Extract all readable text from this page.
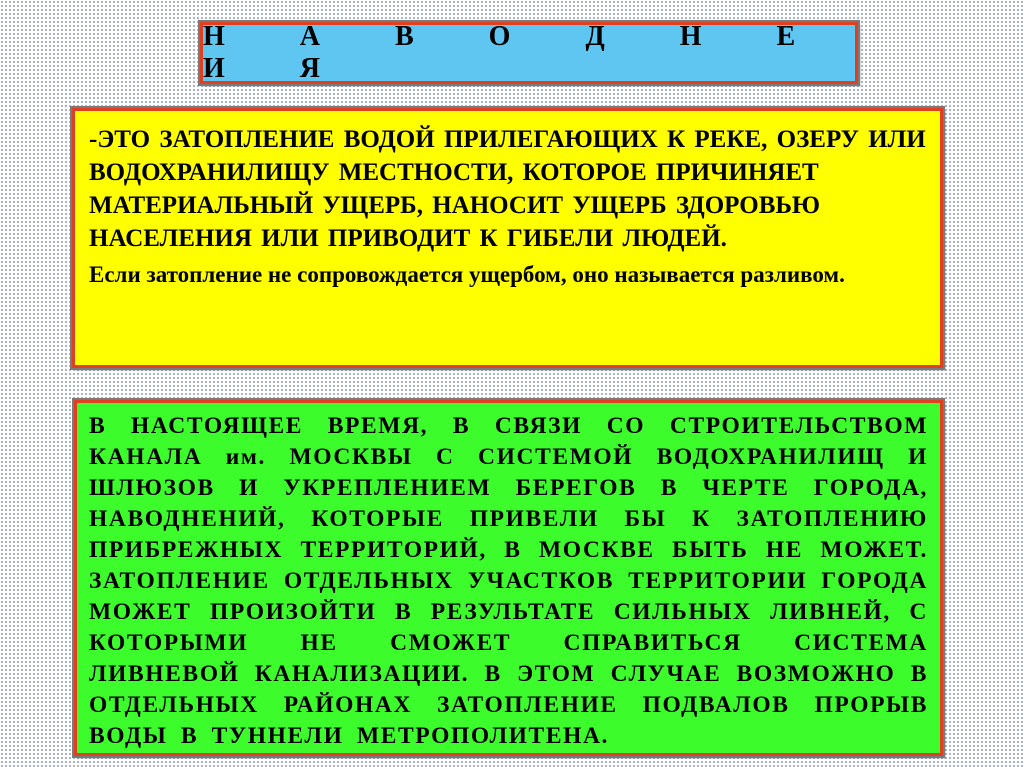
Н А В О Д Н Е И Я

-ЭТО ЗАТОПЛЕНИЕ ВОДОЙ ПРИЛЕГАЮЩИХ К РЕКЕ, ОЗЕРУ ИЛИ ВОДОХРАНИЛИЩУ МЕСТНОСТИ, КОТОРОЕ ПРИЧИНЯЕТ МАТЕРИАЛЬНЫЙ УЩЕРБ, НАНОСИТ УЩЕРБ ЗДОРОВЬЮ НАСЕЛЕНИЯ ИЛИ ПРИВОДИТ К ГИБЕЛИ ЛЮДЕЙ.

Если затопление не сопровождается ущербом, оно называется разливом.

В НАСТОЯЩЕЕ ВРЕМЯ, В СВЯЗИ СО СТРОИТЕЛЬСТВОМ КАНАЛА им. МОСКВЫ С СИСТЕМОЙ ВОДОХРАНИЛИЩ И ШЛЮЗОВ И УКРЕПЛЕНИЕМ БЕРЕГОВ В ЧЕРТЕ ГОРОДА, НАВОДНЕНИЙ, КОТОРЫЕ ПРИВЕЛИ БЫ К ЗАТОПЛЕНИЮ ПРИБРЕЖНЫХ ТЕРРИТОРИЙ, В МОСКВЕ БЫТЬ НЕ МОЖЕТ. ЗАТОПЛЕНИЕ ОТДЕЛЬНЫХ УЧАСТКОВ ТЕРРИТОРИИ ГОРОДА МОЖЕТ ПРОИЗОЙТИ В РЕЗУЛЬТАТЕ СИЛЬНЫХ ЛИВНЕЙ, С КОТОРЫМИ НЕ СМОЖЕТ СПРАВИТЬСЯ СИСТЕМА ЛИВНЕВОЙ КАНАЛИЗАЦИИ. В ЭТОМ СЛУЧАЕ ВОЗМОЖНО В ОТДЕЛЬНЫХ РАЙОНАХ ЗАТОПЛЕНИЕ ПОДВАЛОВ ПРОРЫВ ВОДЫ В ТУННЕЛИ МЕТРОПОЛИТЕНА.
